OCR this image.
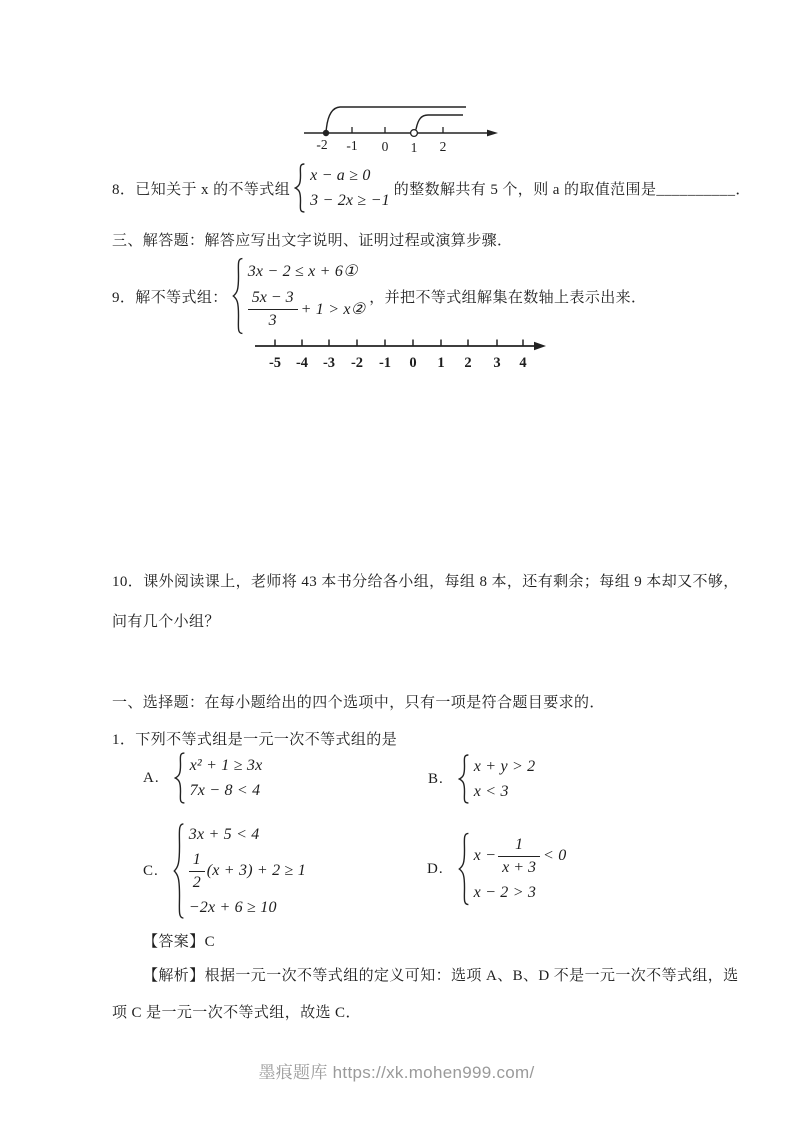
-2 -1 0 1 2
8．已知关于 x 的不等式组
x − a ≥ 0
3 − 2x ≥ −1
的整数解共有 5 个，则 a 的取值范围是__________．
三、解答题：解答应写出文字说明、证明过程或演算步骤．
9．解不等式组：
3x − 2 ≤ x + 6①
$\frac{5x - 3}{3} + 1$ > x②
，并把不等式组解集在数轴上表示出来．
-5 -4 -3 -2 -1 0 1 2 3 4
10．课外阅读课上，老师将 43 本书分给各小组，每组 8 本，还有剩余；每组 9 本却又不够，
问有几个小组？
一、选择题：在每小题给出的四个选项中，只有一项是符合题目要求的．
1．下列不等式组是一元一次不等式组的是
A.
x² + 1 ≥ 3x
7x − 8 < 4
B.
x + y > 2
x < 3
C.
3x + 5 < 4
$\frac{1}{2} (x + 3) + 2 \ge 1$
−2x + 6 ≥ 10
D.
$x - \frac{1}{x + 3} < 0$
x − 2 > 3
【答案】C
【解析】根据一元一次不等式组的定义可知：选项 A、B、D 不是一元一次不等式组，选
项 C 是一元一次不等式组，故选 C．
墨痕题库 https://xk.mohen999.com/
